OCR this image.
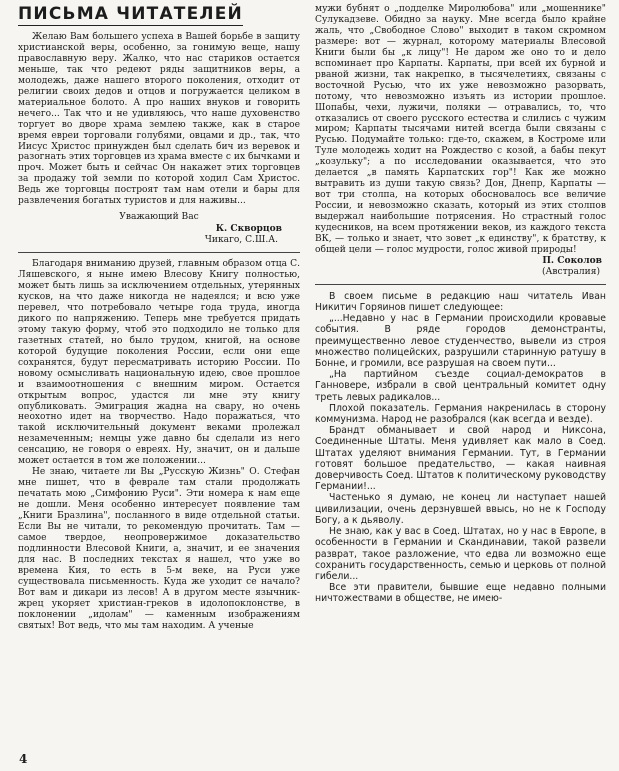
ПИСЬМА ЧИТАТЕЛЕЙ

Желаю Вам большего успеха в Вашей борьбе в защиту христианской веры, особенно, за гонимую веще, нашу православную веру. Жалко, что нас стариков остается меньше, так что редеют ряды защитников веры, а молодежь, даже нашего второго поколения, отходит от религии своих дедов и отцов и погружается целиком в материальное болото. А про наших внуков и говорить нечего... Так что и не удивляюсь, что наше духовенство торгует во дворе храма землею также, как в старое время евреи торговали голубями, овцами и др., так, что Иисус Христос принужден был сделать бич из веревок и разогнать этих торговцев из храма вместе с их бычками и проч. Может быть и сейчас Он накажет этих торговцев за продажу той земли по которой ходил Сам Христос. Ведь же торговцы построят там нам отели и бары для развлечения богатых туристов и для наживы...

Уважающий Вас
К. Скворцов
Чикаго, С.Ш.А.

Благодаря вниманию друзей, главным образом отца С. Ляшевского, я ныне имею Влесову Книгу полностью, может быть лишь за исключением отдельных, утерянных кусков, на что даже никогда не надеялся; и всю уже перевел, что потребовало четыре года труда, иногда дикого по напряжению. Теперь мне требуется придать этому такую форму, чтоб это подходило не только для газетных статей, но было трудом, книгой, на основе которой будущие поколения России, если они еще сохранятся, будут пересматривать историю России. По новому осмысливать национальную идею, свое прошлое и взаимоотношения с внешним миром. Остается открытым вопрос, удастся ли мне эту книгу опубликовать. Эмиграция жадна на свару, но очень неохотно идет на творчество. Надо поражаться, что такой исключительный документ веками пролежал незамеченным; немцы уже давно бы сделали из него сенсацию, не говоря о евреях. Ну, значит, он и дальше может остается в том же положении...

Не знаю, читаете ли Вы „Русскую Жизнь" О. Стефан мне пишет, что в феврале там стали продолжать печатать мою „Симфонию Руси". Эти номера к нам еще не дошли. Меня особенно интересует появление там „Книги Бразлина", посланного в виде отдельной статьи. Если Вы не читали, то рекомендую прочитать. Там — самое твердое, неопровержимое доказательство подлинности Влесовой Книги, а, значит, и ее значения для нас. В последних текстах я нашел, что уже во времена Кия, то есть в 5-м веке, на Руси уже существовала письменность. Куда же уходит се начало? Вот вам и дикари из лесов! А в другом месте язычник-жрец укоряет христиан-греков в идолопоклонстве, в поклонении „идолам" — каменным изображениям святых! Вот ведь, что мы там находим. А ученые

мужи бубнят о „подделке Миролюбова" или „мошеннике" Сулукадзеве. Обидно за науку. Мне всегда было крайне жаль, что „Свободное Слово" выходит в таком скромном размере: вот — журнал, которому материалы Влесовой Книги были бы „к лицу"! Не даром же оно то и дело вспоминает про Карпаты. Карпаты, при всей их бурной и рваной жизни, так накрепко, в тысячелетиях, связаны с восточной Русью, что их уже невозможно разорвать, потому, что невозможно изъять из истории прошлое. Шопабы, чехи, лужичи, поляки — отравались, то, что отказались от своего русского естества и слились с чужим миром; Карпаты тысячами нитей всегда были связаны с Русью. Подумайте только: где-то, скажем, в Костроме или Туле молодежь ходит на Рождество с козой, а бабы пекут „козульку"; а по исследовании оказывается, что это делается „в память Карпатских гор"! Как же можно вытравить из души такую связь? Дон, Днепр, Карпаты — вот три столпа, на которых обосновалось все величие России, и невозможно сказать, который из этих столпов выдержал наибольшие потрясения. Но страстный голос кудесников, на всем протяжении веков, из каждого текста ВК, — только и знает, что зовет „к единству", к братству, к общей цели — голос мудрости, голос живой природы!

П. Соколов
(Австралия)

В своем письме в редакцию наш читатель Иван Никитич Горяинов пишет следующее:

„...Недавно у нас в Германии происходили кровавые события. В ряде городов демонстранты, преимущественно левое студенчество, вывели из строя множество полицейских, разрушили старинную ратушу в Бонне, и громили, все разрушая на своем пути...

„На партийном съезде социал-демократов в Ганновере, избрали в свой центральный комитет одну треть левых радикалов...

Плохой показатель. Германия накренилась в сторону коммунизма. Народ не разобрался (как всегда и везде).

Брандт обманывает и свой народ и Никсона, Соединенные Штаты. Меня удивляет как мало в Соед. Штатах уделяют внимания Германии. Тут, в Германии готовят большое предательство, — какая наивная доверчивость Соед. Штатов к политическому руководству Германии!...

Частенько я думаю, не конец ли наступает нашей цивилизации, очень дерзнувшей ввысь, но не к Господу Богу, а к дьяволу.

Не знаю, как у вас в Соед. Штатах, но у нас в Европе, в особенности в Германии и Скандинавии, такой развели разврат, такое разложение, что едва ли возможно еще сохранить государственность, семью и церковь от полной гибели...

Все эти правители, бывшие еще недавно полными ничтожествами в обществе, не имею-

4
